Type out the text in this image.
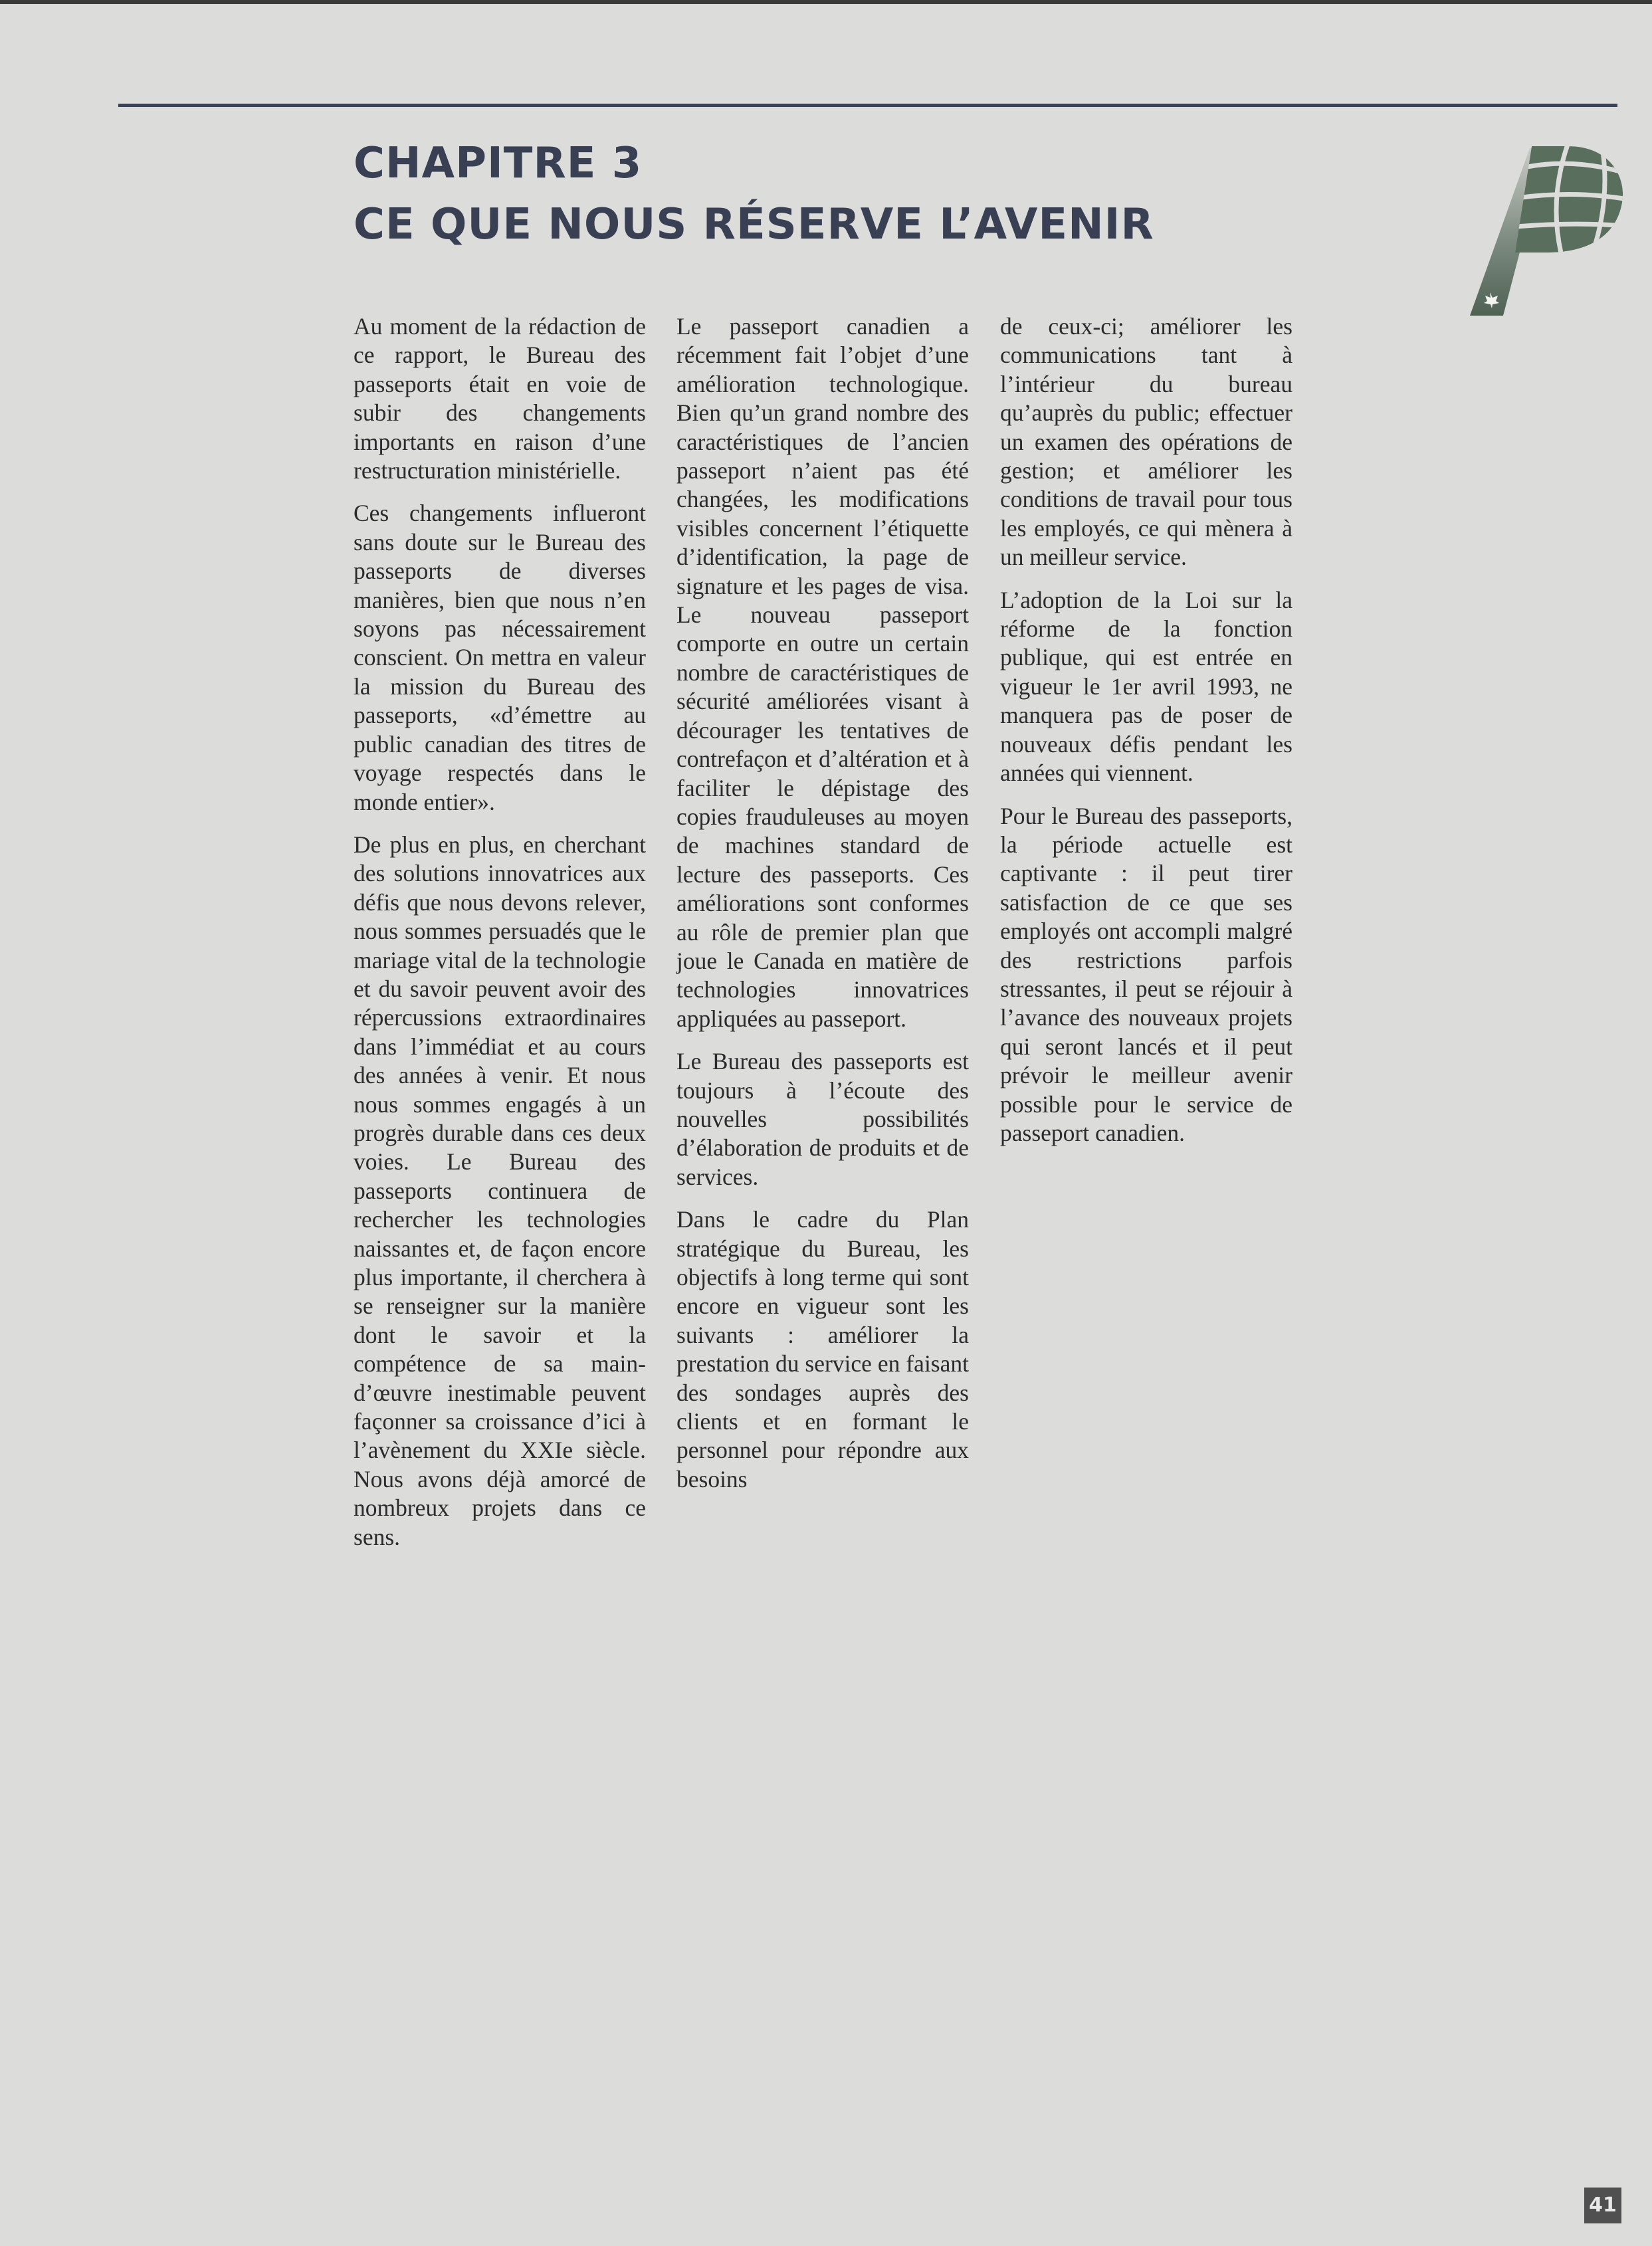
CHAPITRE 3
CE QUE NOUS RÉSERVE L’AVENIR

Au moment de la rédaction de ce rapport, le Bureau des passeports était en voie de subir des changements importants en raison d’une restructuration ministérielle.

Ces changements influeront sans doute sur le Bureau des passeports de diverses manières, bien que nous n’en soyons pas nécessairement conscient. On mettra en valeur la mission du Bureau des passeports, «d’émettre au public canadian des titres de voyage respectés dans le monde entier».

De plus en plus, en cherchant des solutions innovatrices aux défis que nous devons relever, nous sommes persuadés que le mariage vital de la technologie et du savoir peuvent avoir des répercussions extraordinaires dans l’immédiat et au cours des années à venir. Et nous nous sommes engagés à un progrès durable dans ces deux voies. Le Bureau des passeports continuera de rechercher les technologies naissantes et, de façon encore plus importante, il cherchera à se renseigner sur la manière dont le savoir et la compétence de sa main-d’œuvre inestimable peuvent façonner sa croissance d’ici à l’avènement du XXIe siècle. Nous avons déjà amorcé de nombreux projets dans ce sens.

Le passeport canadien a récemment fait l’objet d’une amélioration technologique. Bien qu’un grand nombre des caractéristiques de l’ancien passeport n’aient pas été changées, les modifications visibles concernent l’étiquette d’identification, la page de signature et les pages de visa. Le nouveau passeport comporte en outre un certain nombre de caractéristiques de sécurité améliorées visant à décourager les tentatives de contrefaçon et d’altération et à faciliter le dépistage des copies frauduleuses au moyen de machines standard de lecture des passeports. Ces améliorations sont conformes au rôle de premier plan que joue le Canada en matière de technologies innovatrices appliquées au passeport.

Le Bureau des passeports est toujours à l’écoute des nouvelles possibilités d’élaboration de produits et de services.

Dans le cadre du Plan stratégique du Bureau, les objectifs à long terme qui sont encore en vigueur sont les suivants : améliorer la prestation du service en faisant des sondages auprès des clients et en formant le personnel pour répondre aux besoins

de ceux-ci; améliorer les communications tant à l’intérieur du bureau qu’auprès du public; effectuer un examen des opérations de gestion; et améliorer les conditions de travail pour tous les employés, ce qui mènera à un meilleur service.

L’adoption de la Loi sur la réforme de la fonction publique, qui est entrée en vigueur le 1er avril 1993, ne manquera pas de poser de nouveaux défis pendant les années qui viennent.

Pour le Bureau des passeports, la période actuelle est captivante : il peut tirer satisfaction de ce que ses employés ont accompli malgré des restrictions parfois stressantes, il peut se réjouir à l’avance des nouveaux projets qui seront lancés et il peut prévoir le meilleur avenir possible pour le service de passeport canadien.

41
